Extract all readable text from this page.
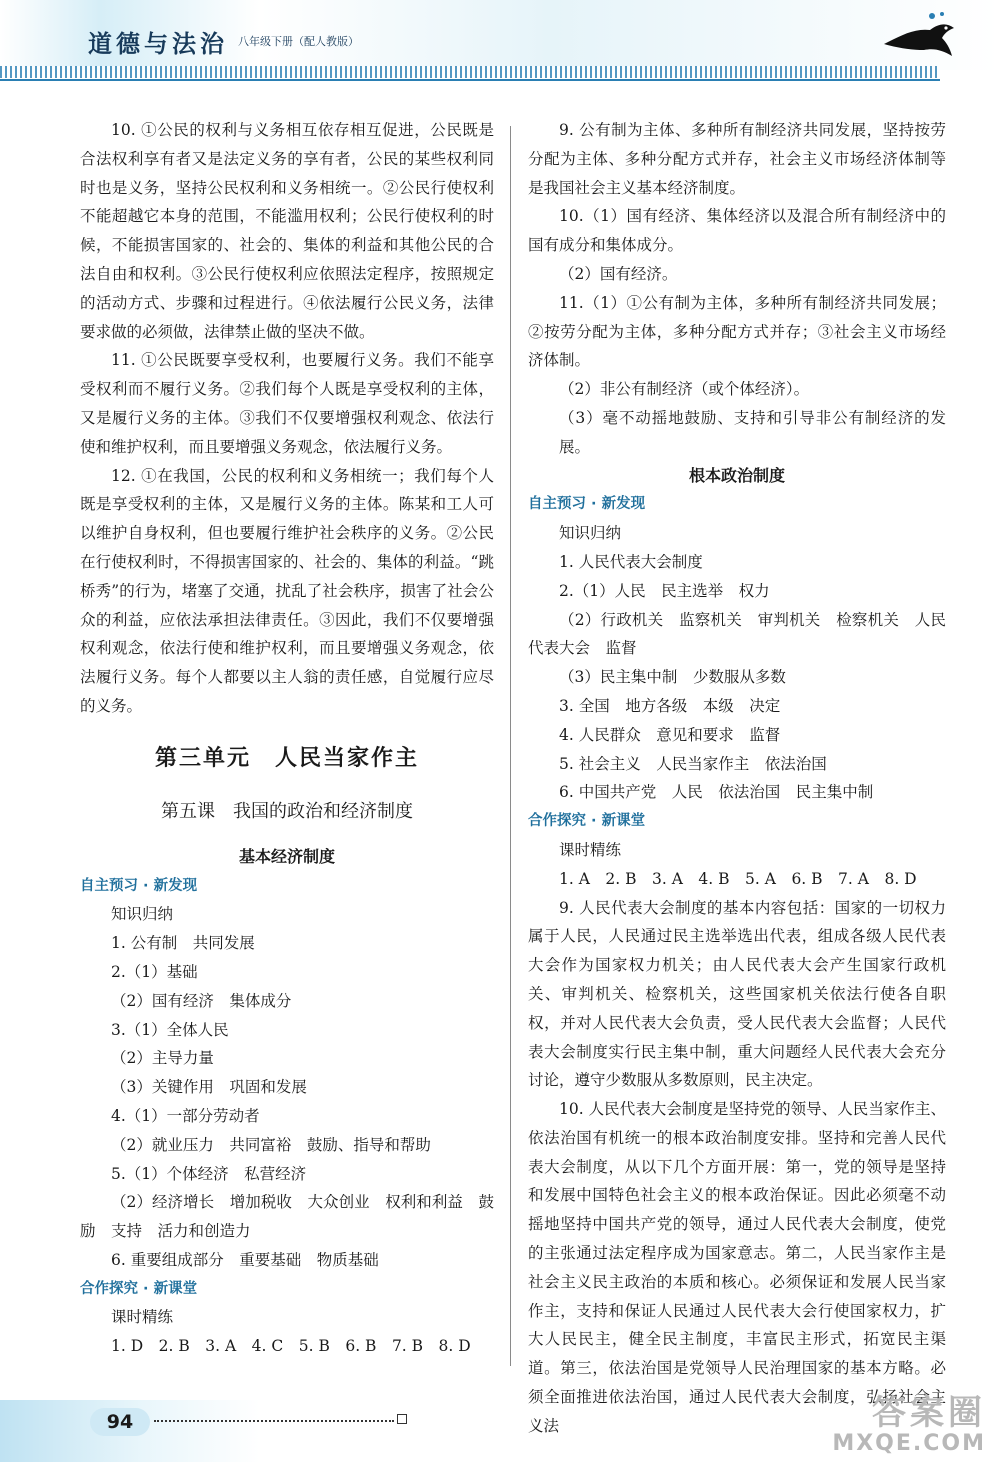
道德与法治 八年级下册（配人教版）

10. ①公民的权利与义务相互依存相互促进，公民既是合法权利享有者又是法定义务的享有者，公民的某些权利同时也是义务，坚持公民权利和义务相统一。②公民行使权利不能超越它本身的范围，不能滥用权利；公民行使权利的时候，不能损害国家的、社会的、集体的利益和其他公民的合法自由和权利。③公民行使权利应依照法定程序，按照规定的活动方式、步骤和过程进行。④依法履行公民义务，法律要求做的必须做，法律禁止做的坚决不做。

11. ①公民既要享受权利，也要履行义务。我们不能享受权利而不履行义务。②我们每个人既是享受权利的主体，又是履行义务的主体。③我们不仅要增强权利观念、依法行使和维护权利，而且要增强义务观念，依法履行义务。

12. ①在我国，公民的权利和义务相统一；我们每个人既是享受权利的主体，又是履行义务的主体。陈某和工人可以维护自身权利，但也要履行维护社会秩序的义务。②公民在行使权利时，不得损害国家的、社会的、集体的利益。“跳桥秀”的行为，堵塞了交通，扰乱了社会秩序，损害了社会公众的利益，应依法承担法律责任。③因此，我们不仅要增强权利观念，依法行使和维护权利，而且要增强义务观念，依法履行义务。每个人都要以主人翁的责任感，自觉履行应尽的义务。

第三单元　人民当家作主

第五课　我国的政治和经济制度

基本经济制度

自主预习 · 新发现

知识归纳

1. 公有制　共同发展

2.（1）基础

（2）国有经济　集体成分

3.（1）全体人民

（2）主导力量

（3）关键作用　巩固和发展

4.（1）一部分劳动者

（2）就业压力　共同富裕　鼓励、指导和帮助

5.（1）个体经济　私营经济

（2）经济增长　增加税收　大众创业　权利和利益　鼓励　支持　活力和创造力

6. 重要组成部分　重要基础　物质基础

合作探究 · 新课堂

课时精练

1. D　2. B　3. A　4. C　5. B　6. B　7. B　8. D

9. 公有制为主体、多种所有制经济共同发展，坚持按劳分配为主体、多种分配方式并存，社会主义市场经济体制等是我国社会主义基本经济制度。

10.（1）国有经济、集体经济以及混合所有制经济中的国有成分和集体成分。

（2）国有经济。

11.（1）①公有制为主体，多种所有制经济共同发展；②按劳分配为主体，多种分配方式并存；③社会主义市场经济体制。

（2）非公有制经济（或个体经济）。

（3）毫不动摇地鼓励、支持和引导非公有制经济的发展。

根本政治制度

自主预习 · 新发现

知识归纳

1. 人民代表大会制度

2.（1）人民　民主选举　权力

（2）行政机关　监察机关　审判机关　检察机关　人民代表大会　监督

（3）民主集中制　少数服从多数

3. 全国　地方各级　本级　决定

4. 人民群众　意见和要求　监督

5. 社会主义　人民当家作主　依法治国

6. 中国共产党　人民　依法治国　民主集中制

合作探究 · 新课堂

课时精练

1. A　2. B　3. A　4. B　5. A　6. B　7. A　8. D

9. 人民代表大会制度的基本内容包括：国家的一切权力属于人民，人民通过民主选举选出代表，组成各级人民代表大会作为国家权力机关；由人民代表大会产生国家行政机关、审判机关、检察机关，这些国家机关依法行使各自职权，并对人民代表大会负责，受人民代表大会监督；人民代表大会制度实行民主集中制，重大问题经人民代表大会充分讨论，遵守少数服从多数原则，民主决定。

10. 人民代表大会制度是坚持党的领导、人民当家作主、依法治国有机统一的根本政治制度安排。坚持和完善人民代表大会制度，从以下几个方面开展：第一，党的领导是坚持和发展中国特色社会主义的根本政治保证。因此必须毫不动摇地坚持中国共产党的领导，通过人民代表大会制度，使党的主张通过法定程序成为国家意志。第二，人民当家作主是社会主义民主政治的本质和核心。必须保证和发展人民当家作主，支持和保证人民通过人民代表大会行使国家权力，扩大人民民主，健全民主制度，丰富民主形式，拓宽民主渠道。第三，依法治国是党领导人民治理国家的基本方略。必须全面推进依法治国，通过人民代表大会制度，弘扬社会主义法

94	答案圈
MXQE.COM
